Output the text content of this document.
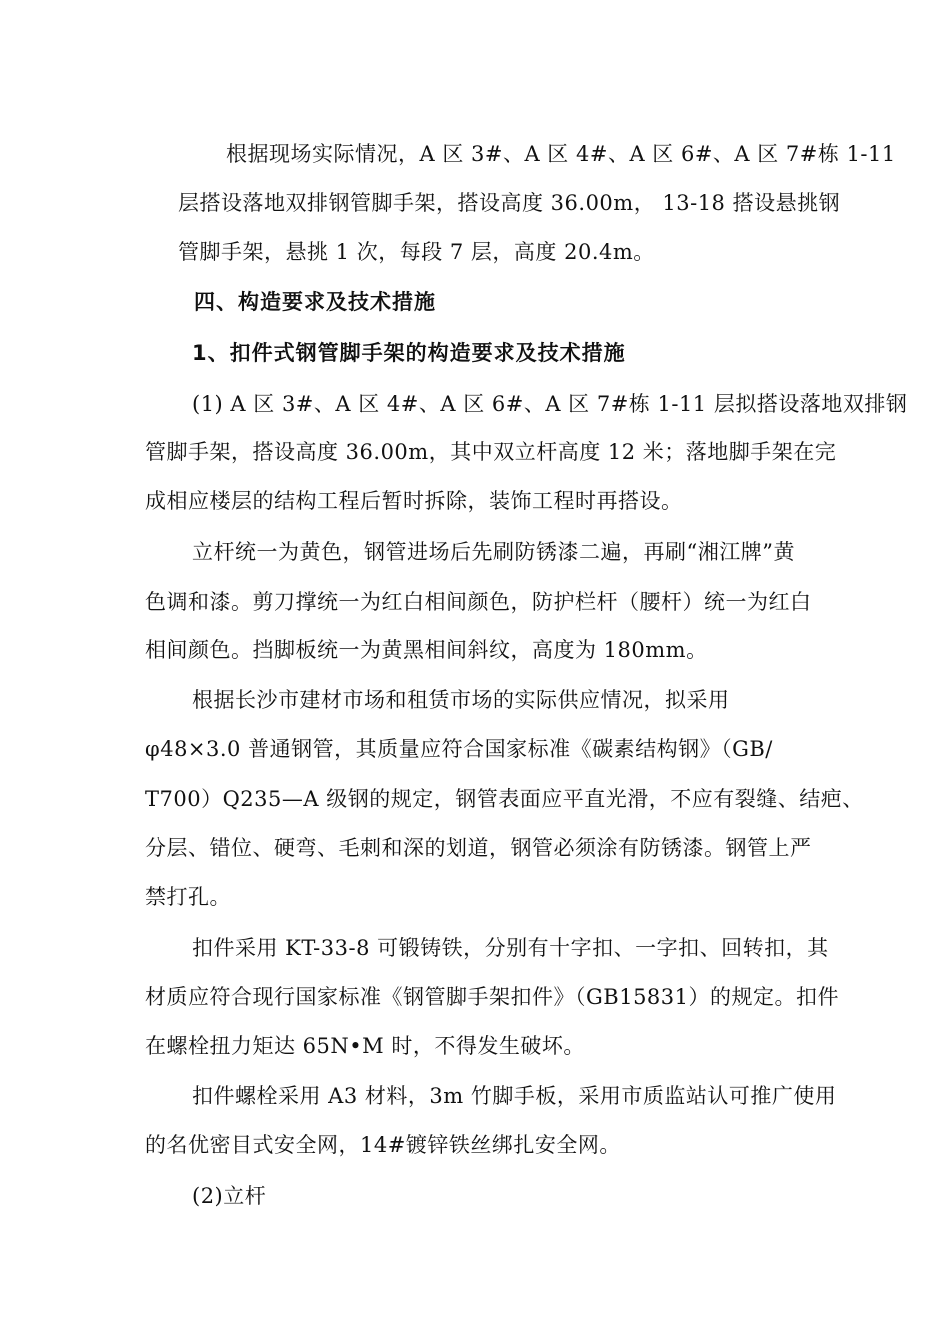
根据现场实际情况，A 区 3#、A 区 4#、A 区 6#、A 区 7#栋 1-11
层搭设落地双排钢管脚手架，搭设高度 36.00m， 13-18 搭设悬挑钢
管脚手架，悬挑 1 次，每段 7 层，高度 20.4m。
四、构造要求及技术措施
1、扣件式钢管脚手架的构造要求及技术措施
(1) A 区 3#、A 区 4#、A 区 6#、A 区 7#栋 1-11 层拟搭设落地双排钢
管脚手架，搭设高度 36.00m，其中双立杆高度 12 米；落地脚手架在完
成相应楼层的结构工程后暂时拆除，装饰工程时再搭设。
立杆统一为黄色，钢管进场后先刷防锈漆二遍，再刷“湘江牌”黄
色调和漆。剪刀撑统一为红白相间颜色，防护栏杆（腰杆）统一为红白
相间颜色。挡脚板统一为黄黑相间斜纹，高度为 180mm。
根据长沙市建材市场和租赁市场的实际供应情况，拟采用
φ48×3.0 普通钢管，其质量应符合国家标准《碳素结构钢》（GB/
T700）Q235—A 级钢的规定，钢管表面应平直光滑，不应有裂缝、结疤、
分层、错位、硬弯、毛刺和深的划道，钢管必须涂有防锈漆。钢管上严
禁打孔。
扣件采用 KT-33-8 可锻铸铁，分别有十字扣、一字扣、回转扣，其
材质应符合现行国家标准《钢管脚手架扣件》（GB15831）的规定。扣件
在螺栓扭力矩达 65N•M 时，不得发生破坏。
扣件螺栓采用 A3 材料，3m 竹脚手板，采用市质监站认可推广使用
的名优密目式安全网，14#镀锌铁丝绑扎安全网。
(2)立杆
